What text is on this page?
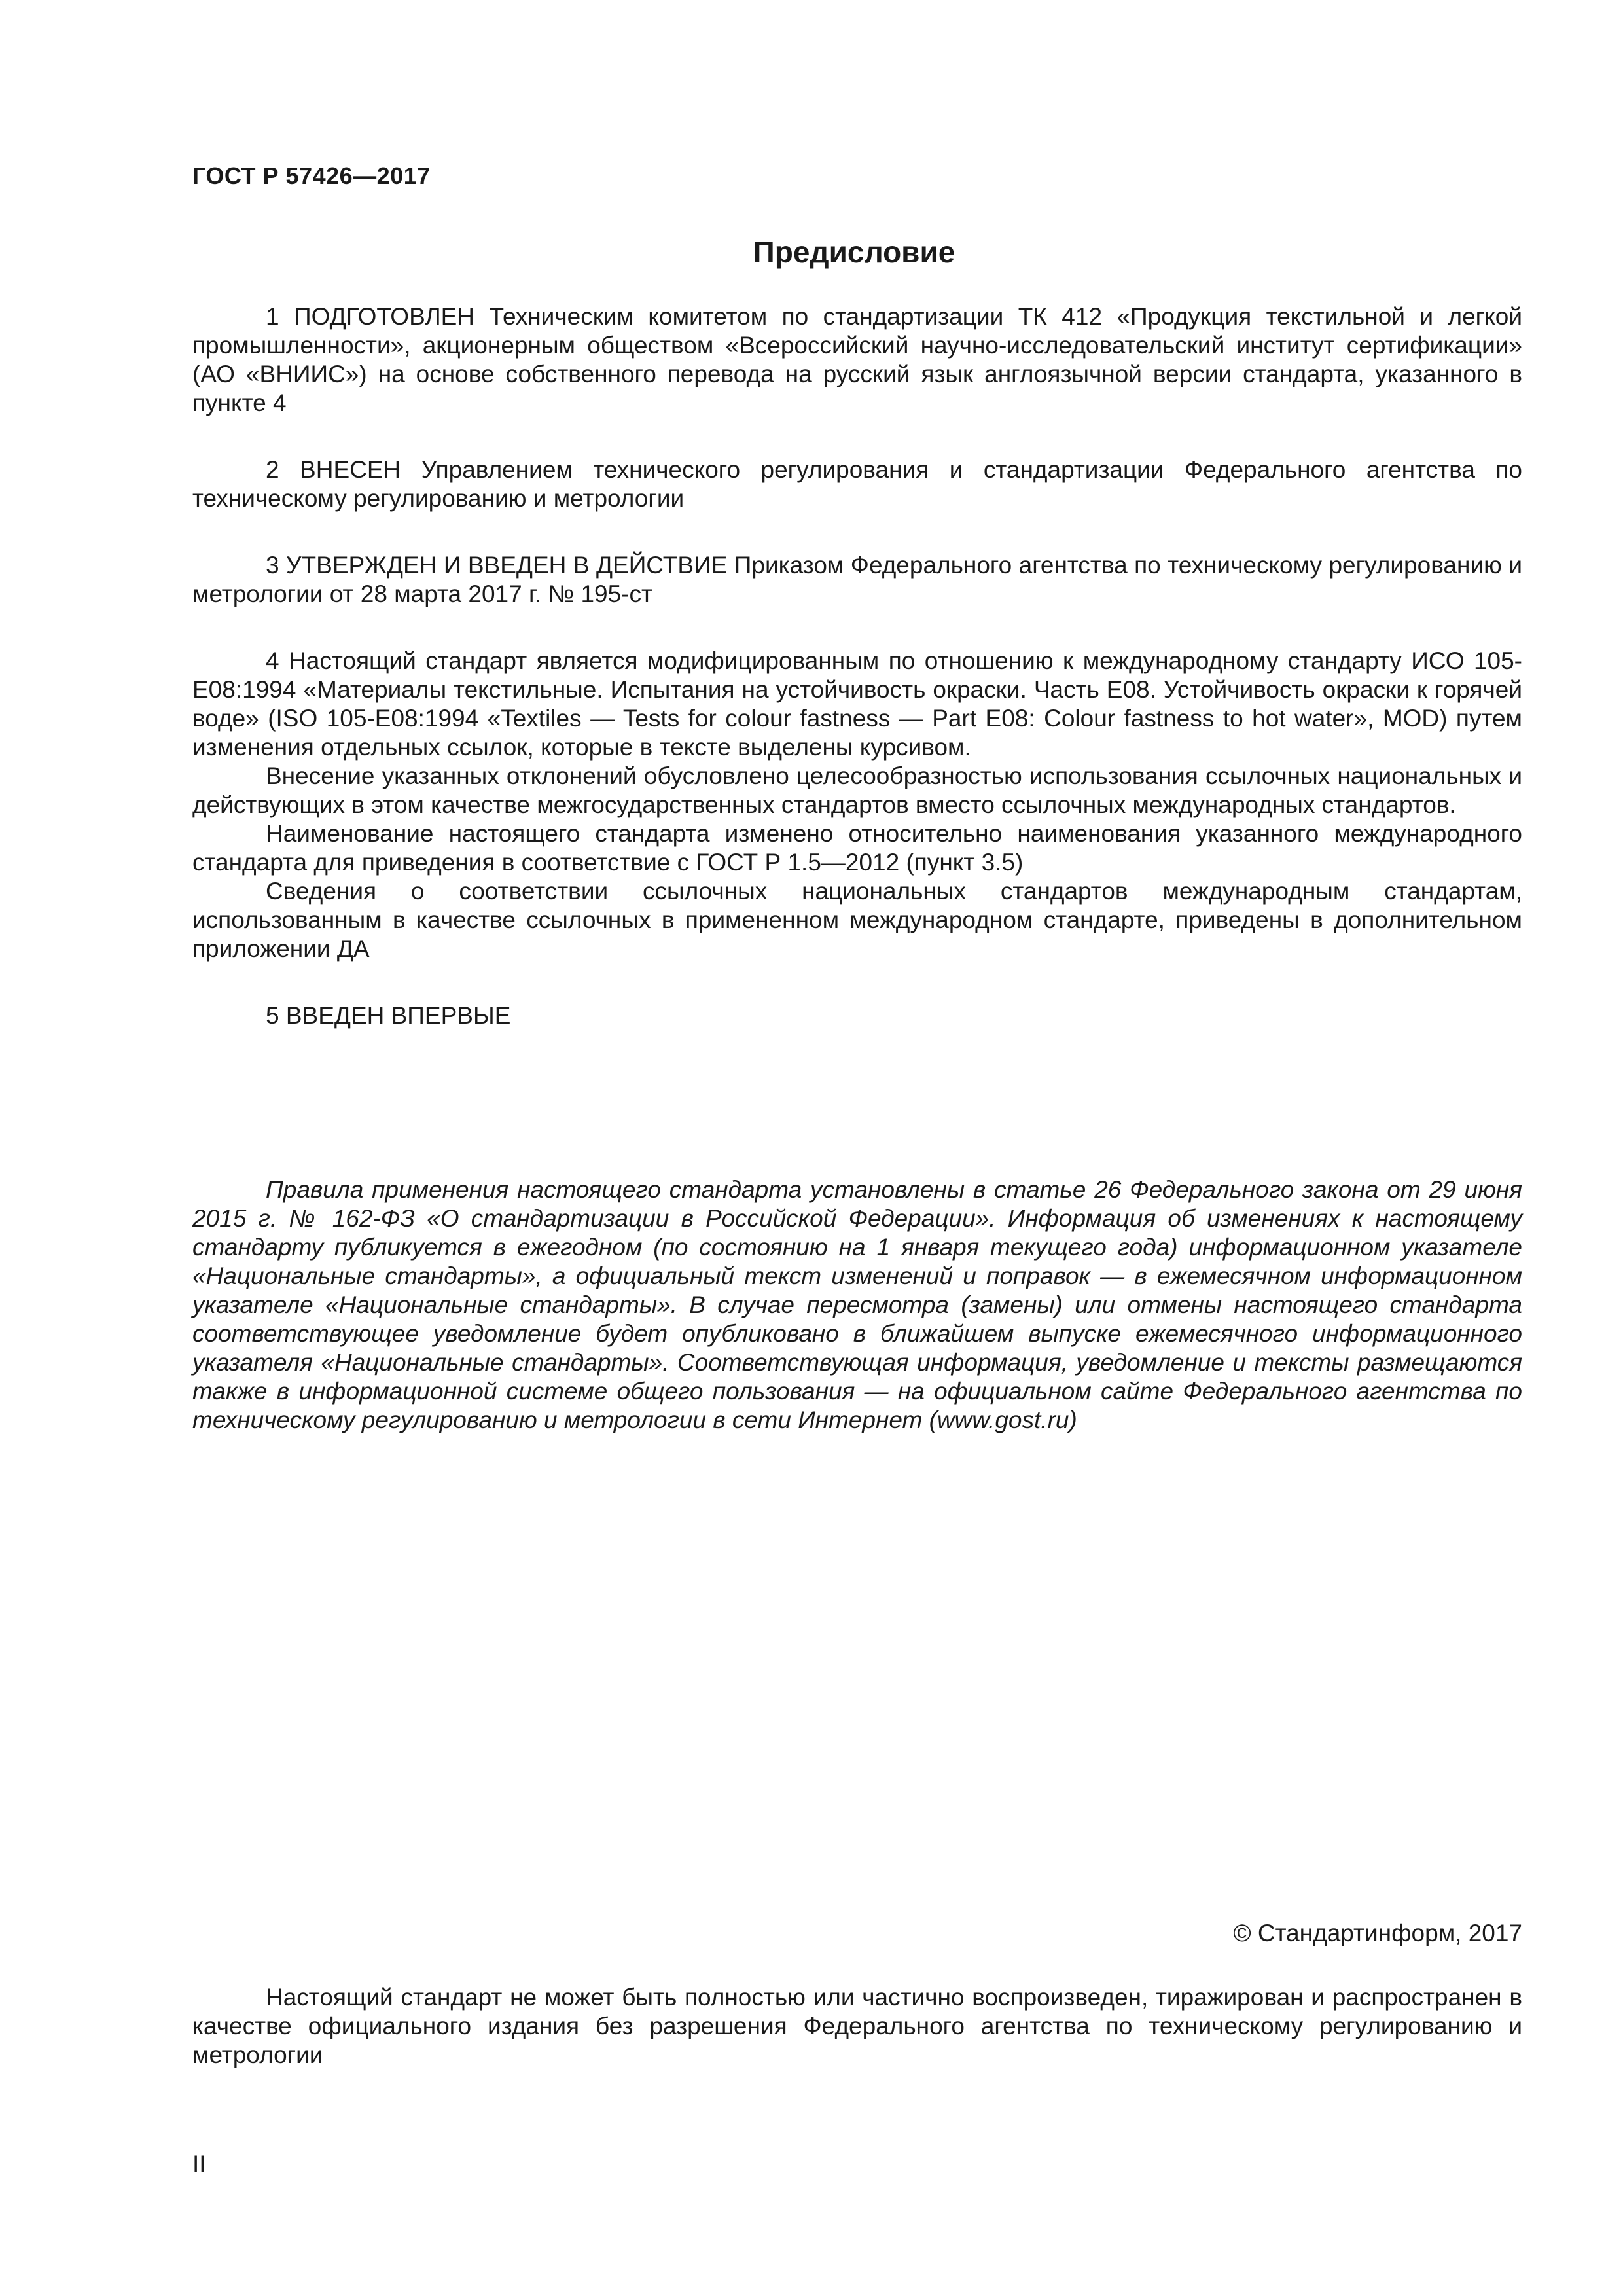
ГОСТ Р 57426—2017
Предисловие

1 ПОДГОТОВЛЕН Техническим комитетом по стандартизации ТК 412 «Продукция текстильной и легкой промышленности», акционерным обществом «Всероссийский научно-исследовательский институт сертификации» (АО «ВНИИС») на основе собственного перевода на русский язык англоязычной версии стандарта, указанного в пункте 4

2 ВНЕСЕН Управлением технического регулирования и стандартизации Федерального агентства по техническому регулированию и метрологии

3 УТВЕРЖДЕН И ВВЕДЕН В ДЕЙСТВИЕ Приказом Федерального агентства по техническому регулированию и метрологии от 28 марта 2017 г. № 195-ст

4 Настоящий стандарт является модифицированным по отношению к международному стандарту ИСО 105-Е08:1994 «Материалы текстильные. Испытания на устойчивость окраски. Часть Е08. Устойчивость окраски к горячей воде» (ISO 105-E08:1994 «Textiles — Tests for colour fastness — Part E08: Colour fastness to hot water», MOD) путем изменения отдельных ссылок, которые в тексте выделены курсивом.

Внесение указанных отклонений обусловлено целесообразностью использования ссылочных национальных и действующих в этом качестве межгосударственных стандартов вместо ссылочных международных стандартов.

Наименование настоящего стандарта изменено относительно наименования указанного международного стандарта для приведения в соответствие с ГОСТ Р 1.5—2012 (пункт 3.5)

Сведения о соответствии ссылочных национальных стандартов международным стандартам, использованным в качестве ссылочных в примененном международном стандарте, приведены в дополнительном приложении ДА

5 ВВЕДЕН ВПЕРВЫЕ

Правила применения настоящего стандарта установлены в статье 26 Федерального закона от 29 июня 2015 г. № 162-ФЗ «О стандартизации в Российской Федерации». Информация об изменениях к настоящему стандарту публикуется в ежегодном (по состоянию на 1 января текущего года) информационном указателе «Национальные стандарты», а официальный текст изменений и поправок — в ежемесячном информационном указателе «Национальные стандарты». В случае пересмотра (замены) или отмены настоящего стандарта соответствующее уведомление будет опубликовано в ближайшем выпуске ежемесячного информационного указателя «Национальные стандарты». Соответствующая информация, уведомление и тексты размещаются также в информационной системе общего пользования — на официальном сайте Федерального агентства по техническому регулированию и метрологии в сети Интернет (www.gost.ru)

© Стандартинформ, 2017

Настоящий стандарт не может быть полностью или частично воспроизведен, тиражирован и распространен в качестве официального издания без разрешения Федерального агентства по техническому регулированию и метрологии

II
